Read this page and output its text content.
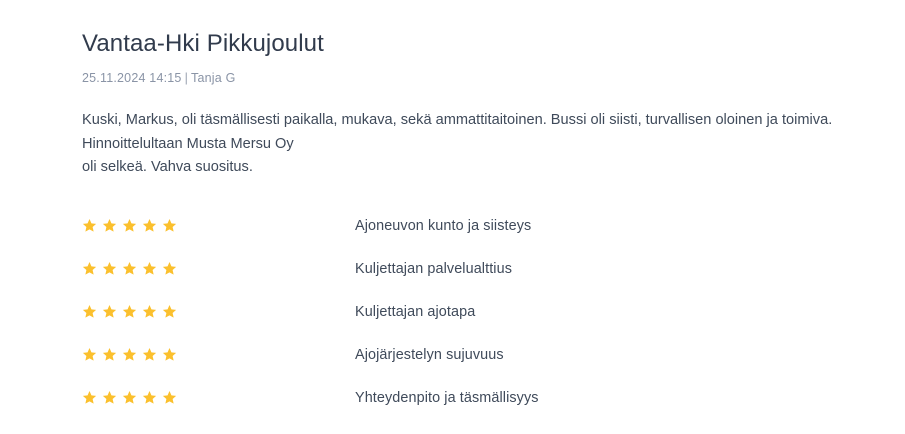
Vantaa-Hki Pikkujoulut
25.11.2024 14:15 | Tanja G
Kuski, Markus, oli täsmällisesti paikalla, mukava, sekä ammattitaitoinen. Bussi oli siisti, turvallisen oloinen ja toimiva. Hinnoittelultaan Musta Mersu Oy
oli selkeä. Vahva suositus.
Ajoneuvon kunto ja siisteys
Kuljettajan palvelualttius
Kuljettajan ajotapa
Ajojärjestelyn sujuvuus
Yhteydenpito ja täsmällisyys
